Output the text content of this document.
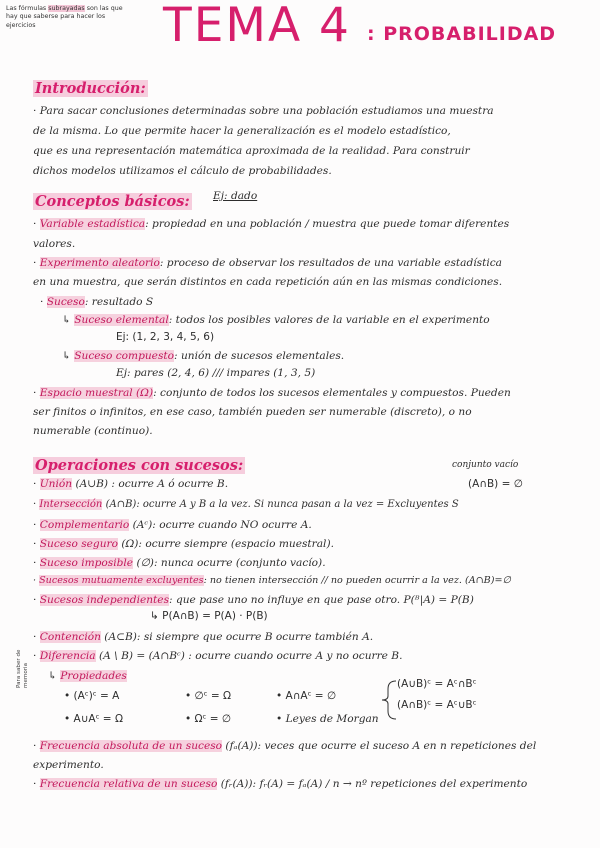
Las fórmulas subrayadas son las que hay que saberse para hacer los ejercicios	TEMA 4 : PROBABILIDAD
Introducción:
· Para sacar conclusiones determinadas sobre una población estudiamos una muestra
de la misma. Lo que permite hacer la generalización es el modelo estadístico,
que es una representación matemática aproximada de la realidad. Para construir
dichos modelos utilizamos el cálculo de probabilidades.
Conceptos básicos: Ej: dado
· Variable estadística: propiedad en una población / muestra que puede tomar diferentes
valores.
· Experimento aleatorio: proceso de observar los resultados de una variable estadística
en una muestra, que serán distintos en cada repetición aún en las mismas condiciones.
· Suceso: resultado S
↳ Suceso elemental: todos los posibles valores de la variable en el experimento
Ej: (1, 2, 3, 4, 5, 6)
↳ Suceso compuesto: unión de sucesos elementales.
Ej: pares (2, 4, 6) /// impares (1, 3, 5)
· Espacio muestral (Ω): conjunto de todos los sucesos elementales y compuestos. Pueden
ser finitos o infinitos, en ese caso, también pueden ser numerable (discreto), o no
numerable (continuo).
Operaciones con sucesos:	conjunto vacío
(A∩B) = ∅
· Unión (A∪B) : ocurre A ó ocurre B.
· Intersección (A∩B): ocurre A y B a la vez. Si nunca pasan a la vez = Excluyentes S
· Complementario (Aᶜ): ocurre cuando NO ocurre A.
· Suceso seguro (Ω): ocurre siempre (espacio muestral).
· Suceso imposible (∅): nunca ocurre (conjunto vacío).
· Sucesos mutuamente excluyentes: no tienen intersección // no pueden ocurrir a la vez. (A∩B)=∅
· Sucesos independientes: que pase uno no influye en que pase otro. P(ᴮ|A) = P(B)
↳ P(A∩B) = P(A) · P(B)
· Contención (A⊂B): si siempre que ocurre B ocurre también A.
· Diferencia (A \ B) = (A∩Bᶜ) : ocurre cuando ocurre A y no ocurre B.
↳ Propiedades
Para saber de memoria
• (Aᶜ)ᶜ = A	• ∅ᶜ = Ω	• A∩Aᶜ = ∅
• A∪Aᶜ = Ω	• Ωᶜ = ∅	• Leyes de Morgan
(A∪B)ᶜ = Aᶜ∩Bᶜ
(A∩B)ᶜ = Aᶜ∪Bᶜ
· Frecuencia absoluta de un suceso (fₐ(A)): veces que ocurre el suceso A en n repeticiones del
experimento.
· Frecuencia relativa de un suceso (fᵣ(A)): fᵣ(A) = fₐ(A) / n → nº repeticiones del experimento
